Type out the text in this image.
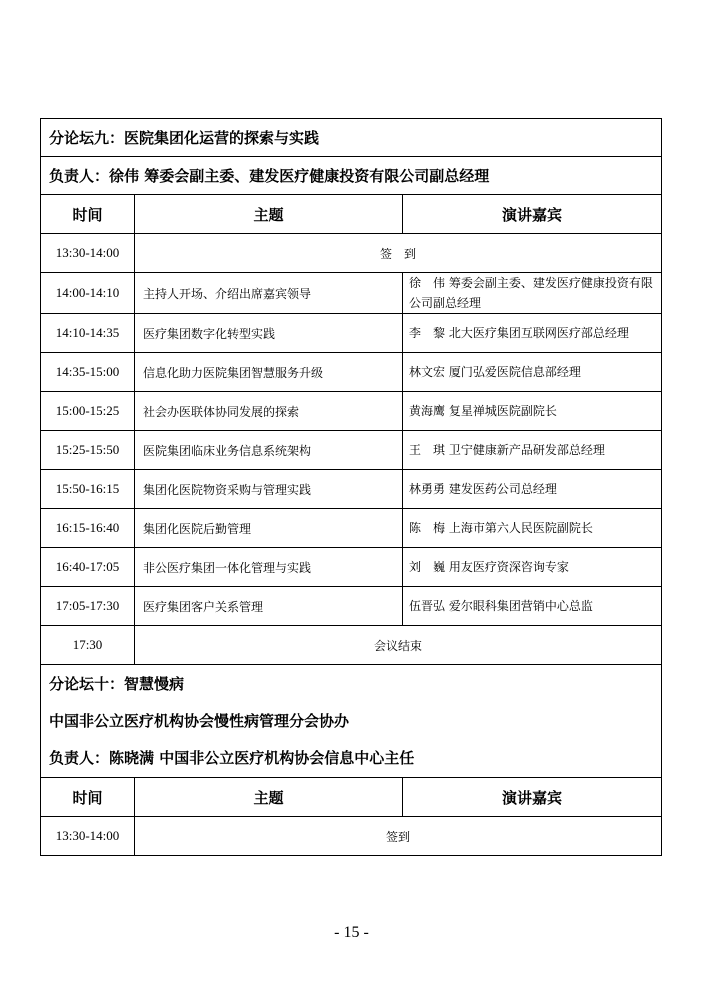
分论坛九：医院集团化运营的探索与实践		
负责人：徐伟 筹委会副主委、建发医疗健康投资有限公司副总经理		
时间	主题	演讲嘉宾
13:30-14:00	签　到	
14:00-14:10	主持人开场、介绍出席嘉宾领导	徐　伟 筹委会副主委、建发医疗健康投资有限公司副总经理
14:10-14:35	医疗集团数字化转型实践	李　黎 北大医疗集团互联网医疗部总经理
14:35-15:00	信息化助力医院集团智慧服务升级	林文宏 厦门弘爱医院信息部经理
15:00-15:25	社会办医联体协同发展的探索	黄海鹰 复星禅城医院副院长
15:25-15:50	医院集团临床业务信息系统架构	王　琪 卫宁健康新产品研发部总经理
15:50-16:15	集团化医院物资采购与管理实践	林勇勇 建发医药公司总经理
16:15-16:40	集团化医院后勤管理	陈　梅 上海市第六人民医院副院长
16:40-17:05	非公医疗集团一体化管理与实践	刘　巍 用友医疗资深咨询专家
17:05-17:30	医疗集团客户关系管理	伍晋弘 爱尔眼科集团营销中心总监
17:30	会议结束	

分论坛十：智慧慢病
中国非公立医疗机构协会慢性病管理分会协办
负责人：陈晓满 中国非公立医疗机构协会信息中心主任		

时间	主题	演讲嘉宾
13:30-14:00	签到	
- 15 -
